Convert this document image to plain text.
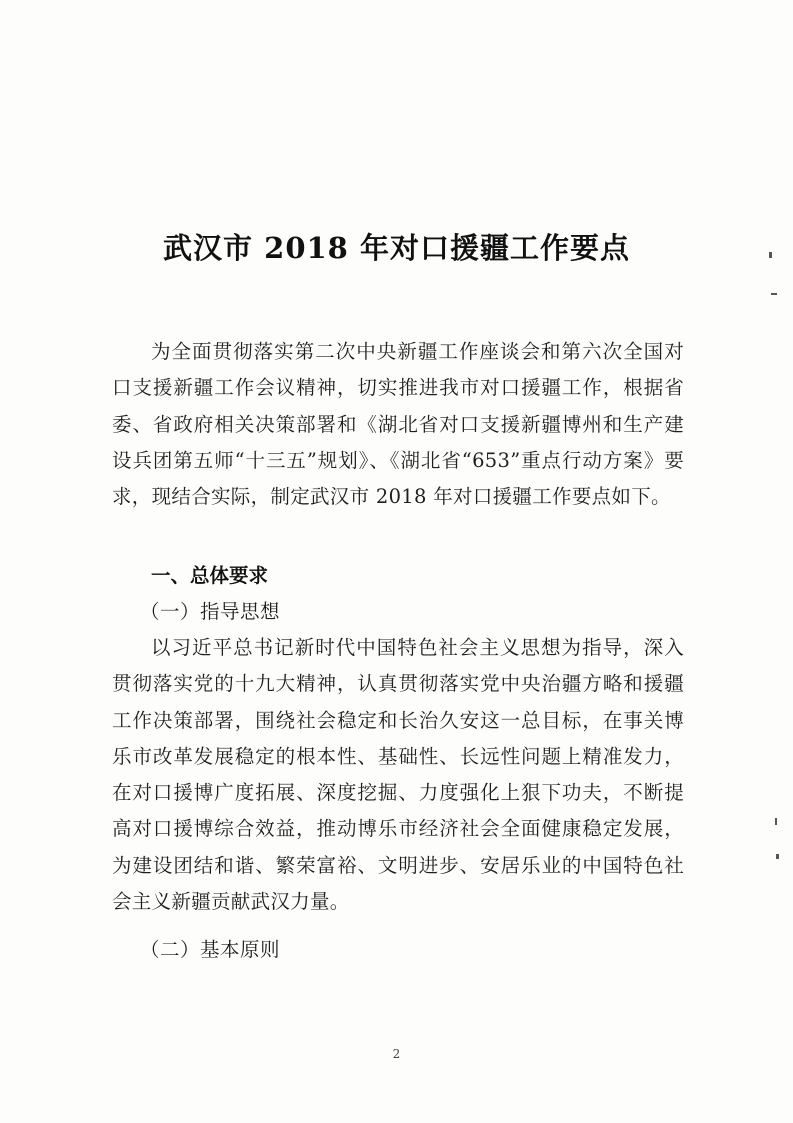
武汉市 2018 年对口援疆工作要点
为全面贯彻落实第二次中央新疆工作座谈会和第六次全国对口支援新疆工作会议精神，切实推进我市对口援疆工作，根据省委、省政府相关决策部署和《湖北省对口支援新疆博州和生产建设兵团第五师“十三五”规划》、《湖北省“653”重点行动方案》要求，现结合实际，制定武汉市 2018 年对口援疆工作要点如下。
一、总体要求
（一）指导思想
以习近平总书记新时代中国特色社会主义思想为指导，深入贯彻落实党的十九大精神，认真贯彻落实党中央治疆方略和援疆工作决策部署，围绕社会稳定和长治久安这一总目标，在事关博乐市改革发展稳定的根本性、基础性、长远性问题上精准发力，在对口援博广度拓展、深度挖掘、力度强化上狠下功夫，不断提高对口援博综合效益，推动博乐市经济社会全面健康稳定发展，为建设团结和谐、繁荣富裕、文明进步、安居乐业的中国特色社会主义新疆贡献武汉力量。
（二）基本原则
2
